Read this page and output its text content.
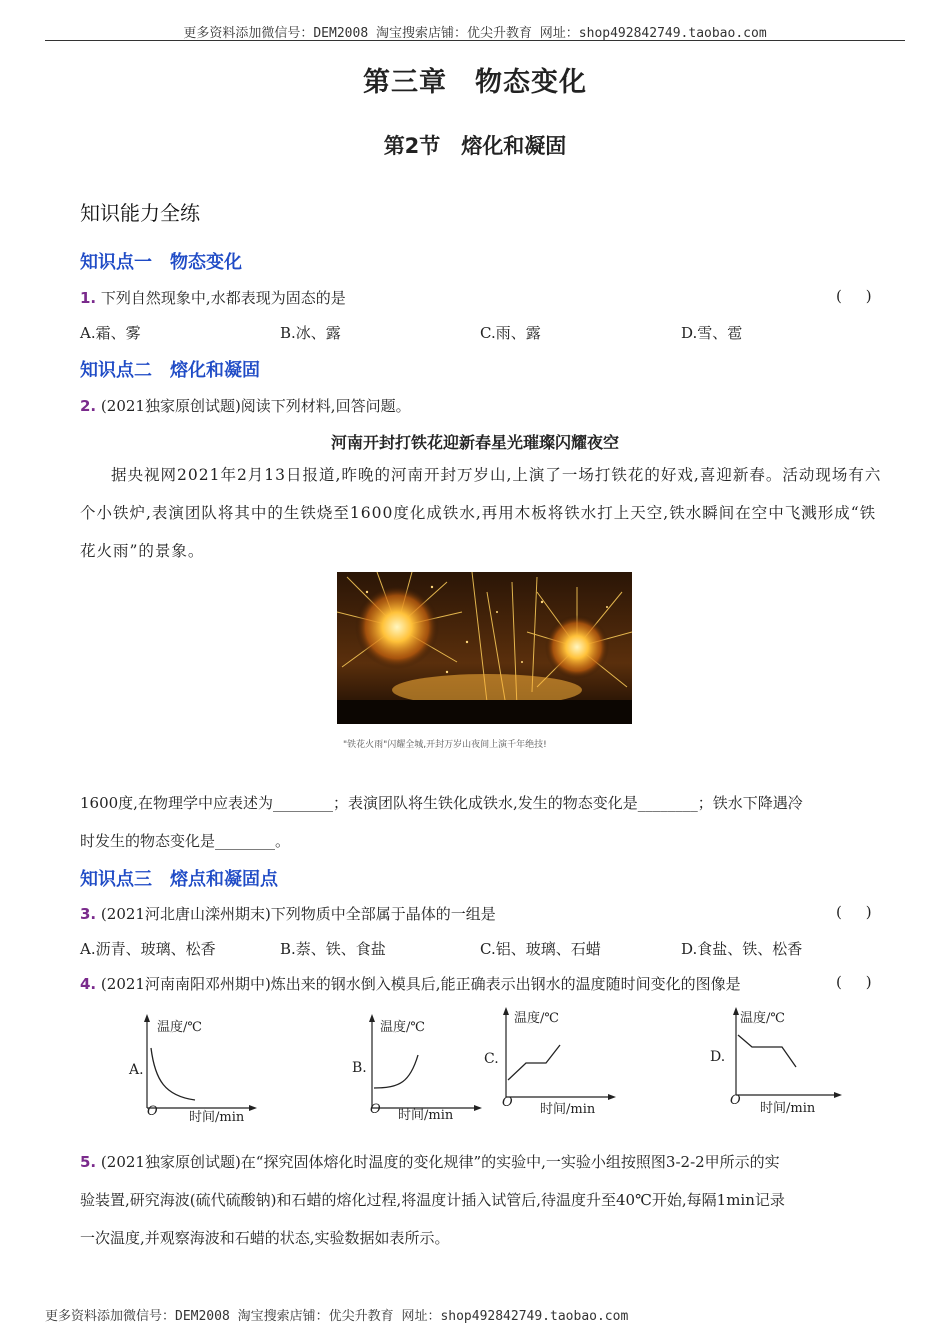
更多资料添加微信号：DEM2008 淘宝搜索店铺：优尖升教育 网址：shop492842749.taobao.com
第三章　物态变化
第2节　熔化和凝固
知识能力全练
知识点一　物态变化
1. 下列自然现象中,水都表现为固态的是	(     )
A.霜、雾	B.冰、露	C.雨、露	D.雪、雹
知识点二　熔化和凝固
2. (2021独家原创试题)阅读下列材料,回答问题。
河南开封打铁花迎新春星光璀璨闪耀夜空
据央视网2021年2月13日报道,昨晚的河南开封万岁山,上演了一场打铁花的好戏,喜迎新春。活动现场有六个小铁炉,表演团队将其中的生铁烧至1600度化成铁水,再用木板将铁水打上天空,铁水瞬间在空中飞溅形成“铁花火雨”的景象。
"铁花火雨"闪耀全城,开封万岁山夜间上演千年绝技!
1600度,在物理学中应表述为________；表演团队将生铁化成铁水,发生的物态变化是________；铁水下降遇冷
时发生的物态变化是________。
知识点三　熔点和凝固点
3. (2021河北唐山滦州期末)下列物质中全部属于晶体的一组是	(     )
A.沥青、玻璃、松香	B.萘、铁、食盐	C.铝、玻璃、石蜡	D.食盐、铁、松香
4. (2021河南南阳邓州期中)炼出来的钢水倒入模具后,能正确表示出钢水的温度随时间变化的图像是	(     )
温度/℃
A.
O 时间/min
温度/℃
B.
O 时间/min
温度/℃
C.
O 时间/min
温度/℃
D.
O
时间/min
5. (2021独家原创试题)在“探究固体熔化时温度的变化规律”的实验中,一实验小组按照图3-2-2甲所示的实
验装置,研究海波(硫代硫酸钠)和石蜡的熔化过程,将温度计插入试管后,待温度升至40℃开始,每隔1min记录
一次温度,并观察海波和石蜡的状态,实验数据如表所示。
更多资料添加微信号：DEM2008 淘宝搜索店铺：优尖升教育 网址：shop492842749.taobao.com
